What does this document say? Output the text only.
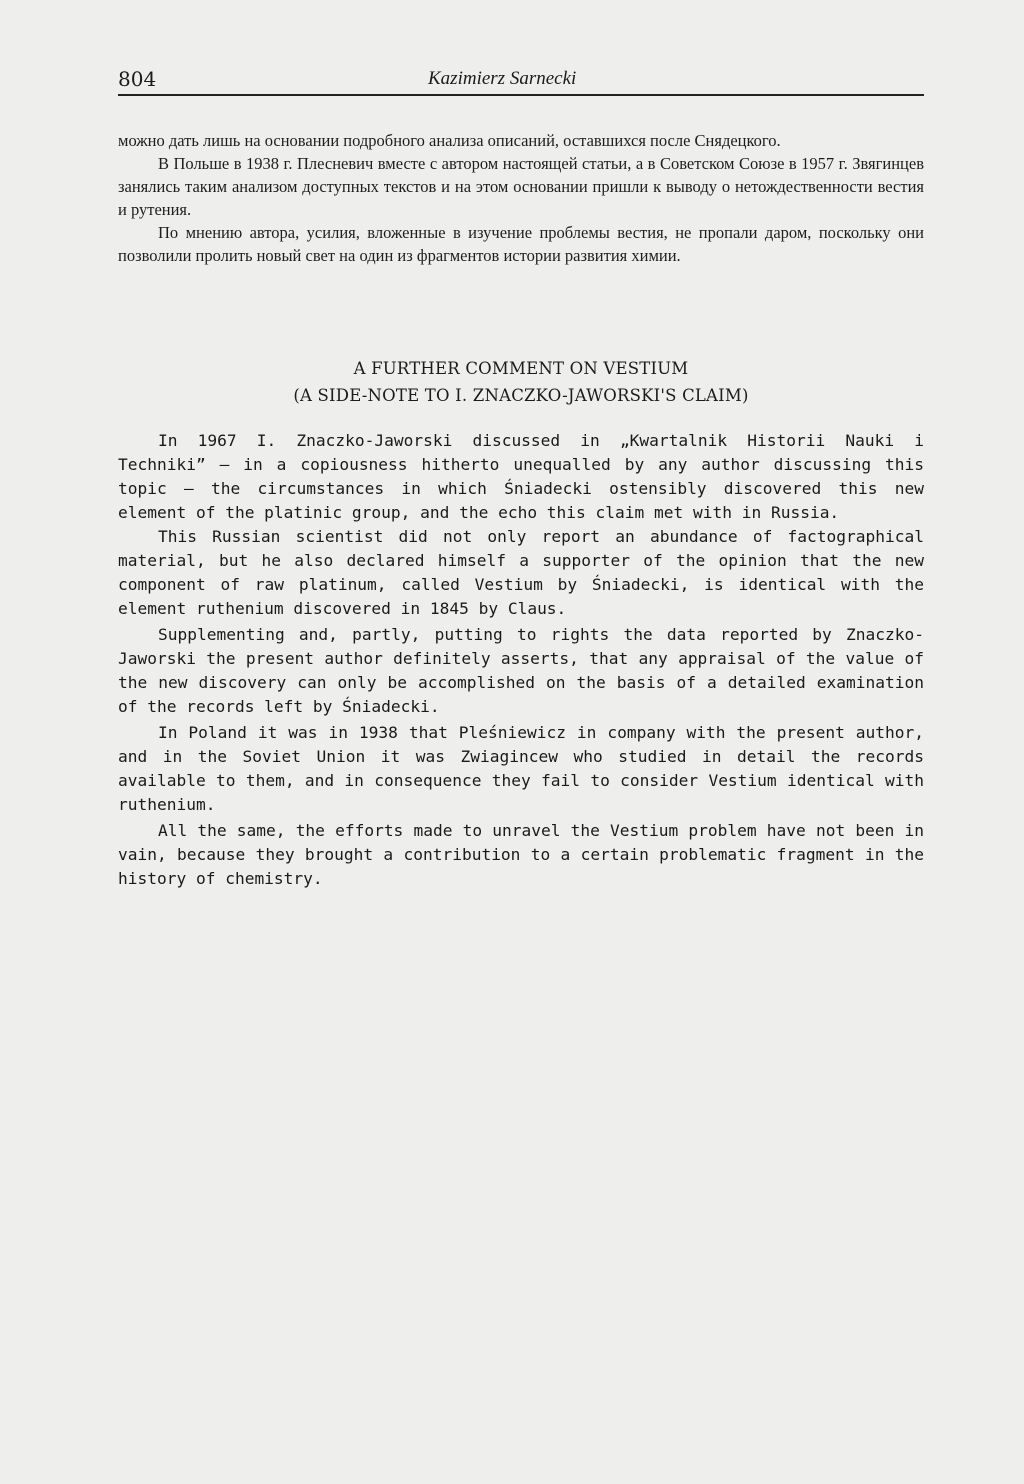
804	Kazimierz Sarnecki

можно дать лишь на основании подробного анализа описаний, оставшихся после Снядецкого.

В Польше в 1938 г. Плесневич вместе с автором настоящей статьи, а в Советском Союзе в 1957 г. Звягинцев занялись таким анализом доступных текстов и на этом основании пришли к выводу о нетождественности вестия и рутения.

По мнению автора, усилия, вложенные в изучение проблемы вестия, не пропали даром, поскольку они позволили пролить новый свет на один из фрагментов истории развития химии.

A FURTHER COMMENT ON VESTIUM
(A SIDE-NOTE TO I. ZNACZKO-JAWORSKI'S CLAIM)

In 1967 I. Znaczko-Jaworski discussed in „Kwartalnik Historii Nauki i Techniki” — in a copiousness hitherto unequalled by any author discussing this topic — the circumstances in which Śniadecki ostensibly discovered this new element of the platinic group, and the echo this claim met with in Russia.

This Russian scientist did not only report an abundance of factographical material, but he also declared himself a supporter of the opinion that the new component of raw platinum, called Vestium by Śniadecki, is identical with the element ruthenium discovered in 1845 by Claus.

Supplementing and, partly, putting to rights the data reported by Znaczko-Jaworski the present author definitely asserts, that any appraisal of the value of the new discovery can only be accomplished on the basis of a detailed examination of the records left by Śniadecki.

In Poland it was in 1938 that Pleśniewicz in company with the present author, and in the Soviet Union it was Zwiagincew who studied in detail the records available to them, and in consequence they fail to consider Vestium identical with ruthenium.

All the same, the efforts made to unravel the Vestium problem have not been in vain, because they brought a contribution to a certain problematic fragment in the history of chemistry.
